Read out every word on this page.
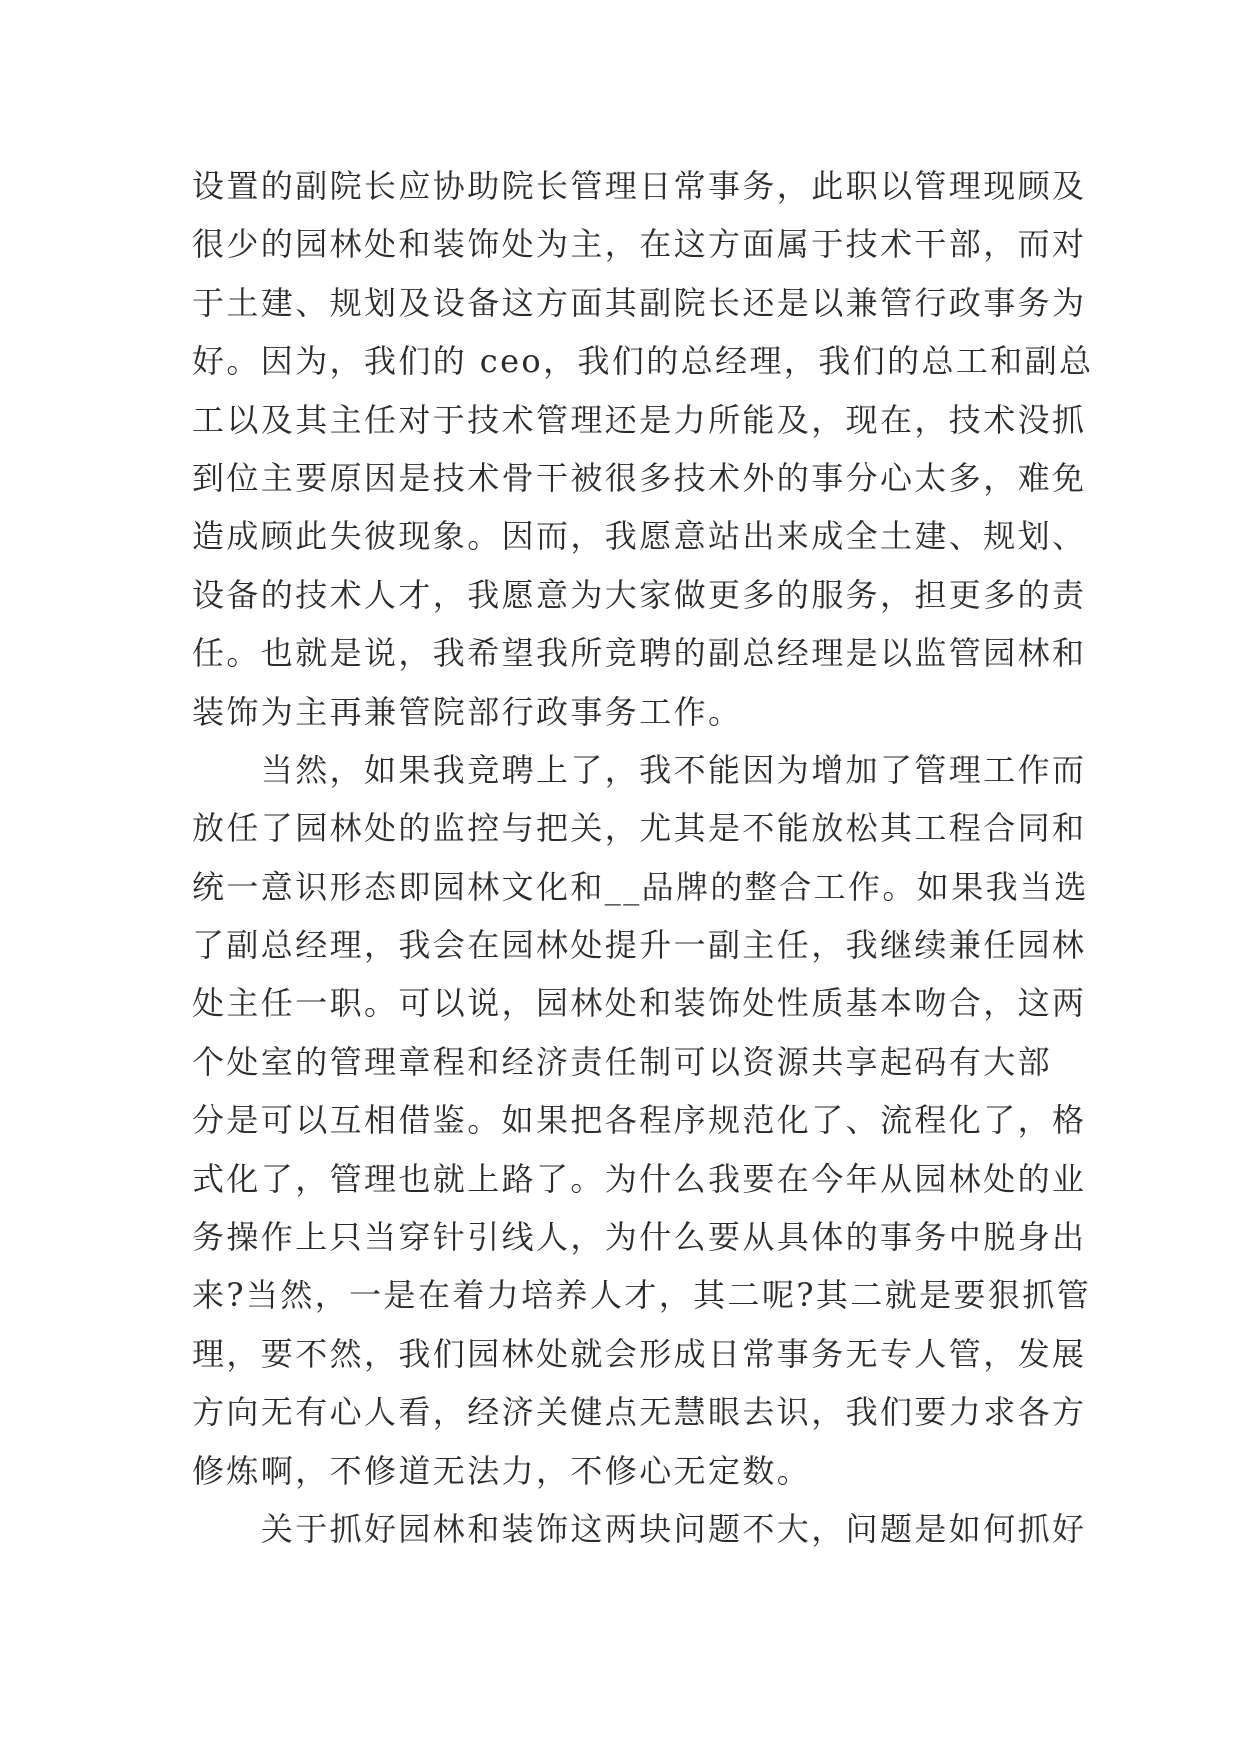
设置的副院长应协助院长管理日常事务，此职以管理现顾及
很少的园林处和装饰处为主，在这方面属于技术干部，而对
于土建、规划及设备这方面其副院长还是以兼管行政事务为
好。因为，我们的 ceo，我们的总经理，我们的总工和副总
工以及其主任对于技术管理还是力所能及，现在，技术没抓
到位主要原因是技术骨干被很多技术外的事分心太多，难免
造成顾此失彼现象。因而，我愿意站出来成全土建、规划、
设备的技术人才，我愿意为大家做更多的服务，担更多的责
任。也就是说，我希望我所竞聘的副总经理是以监管园林和
装饰为主再兼管院部行政事务工作。
　　当然，如果我竞聘上了，我不能因为增加了管理工作而
放任了园林处的监控与把关，尤其是不能放松其工程合同和
统一意识形态即园林文化和__品牌的整合工作。如果我当选
了副总经理，我会在园林处提升一副主任，我继续兼任园林
处主任一职。可以说，园林处和装饰处性质基本吻合，这两
个处室的管理章程和经济责任制可以资源共享起码有大部
分是可以互相借鉴。如果把各程序规范化了、流程化了，格
式化了，管理也就上路了。为什么我要在今年从园林处的业
务操作上只当穿针引线人，为什么要从具体的事务中脱身出
来?当然，一是在着力培养人才，其二呢?其二就是要狠抓管
理，要不然，我们园林处就会形成日常事务无专人管，发展
方向无有心人看，经济关健点无慧眼去识，我们要力求各方
修炼啊，不修道无法力，不修心无定数。
　　关于抓好园林和装饰这两块问题不大，问题是如何抓好
